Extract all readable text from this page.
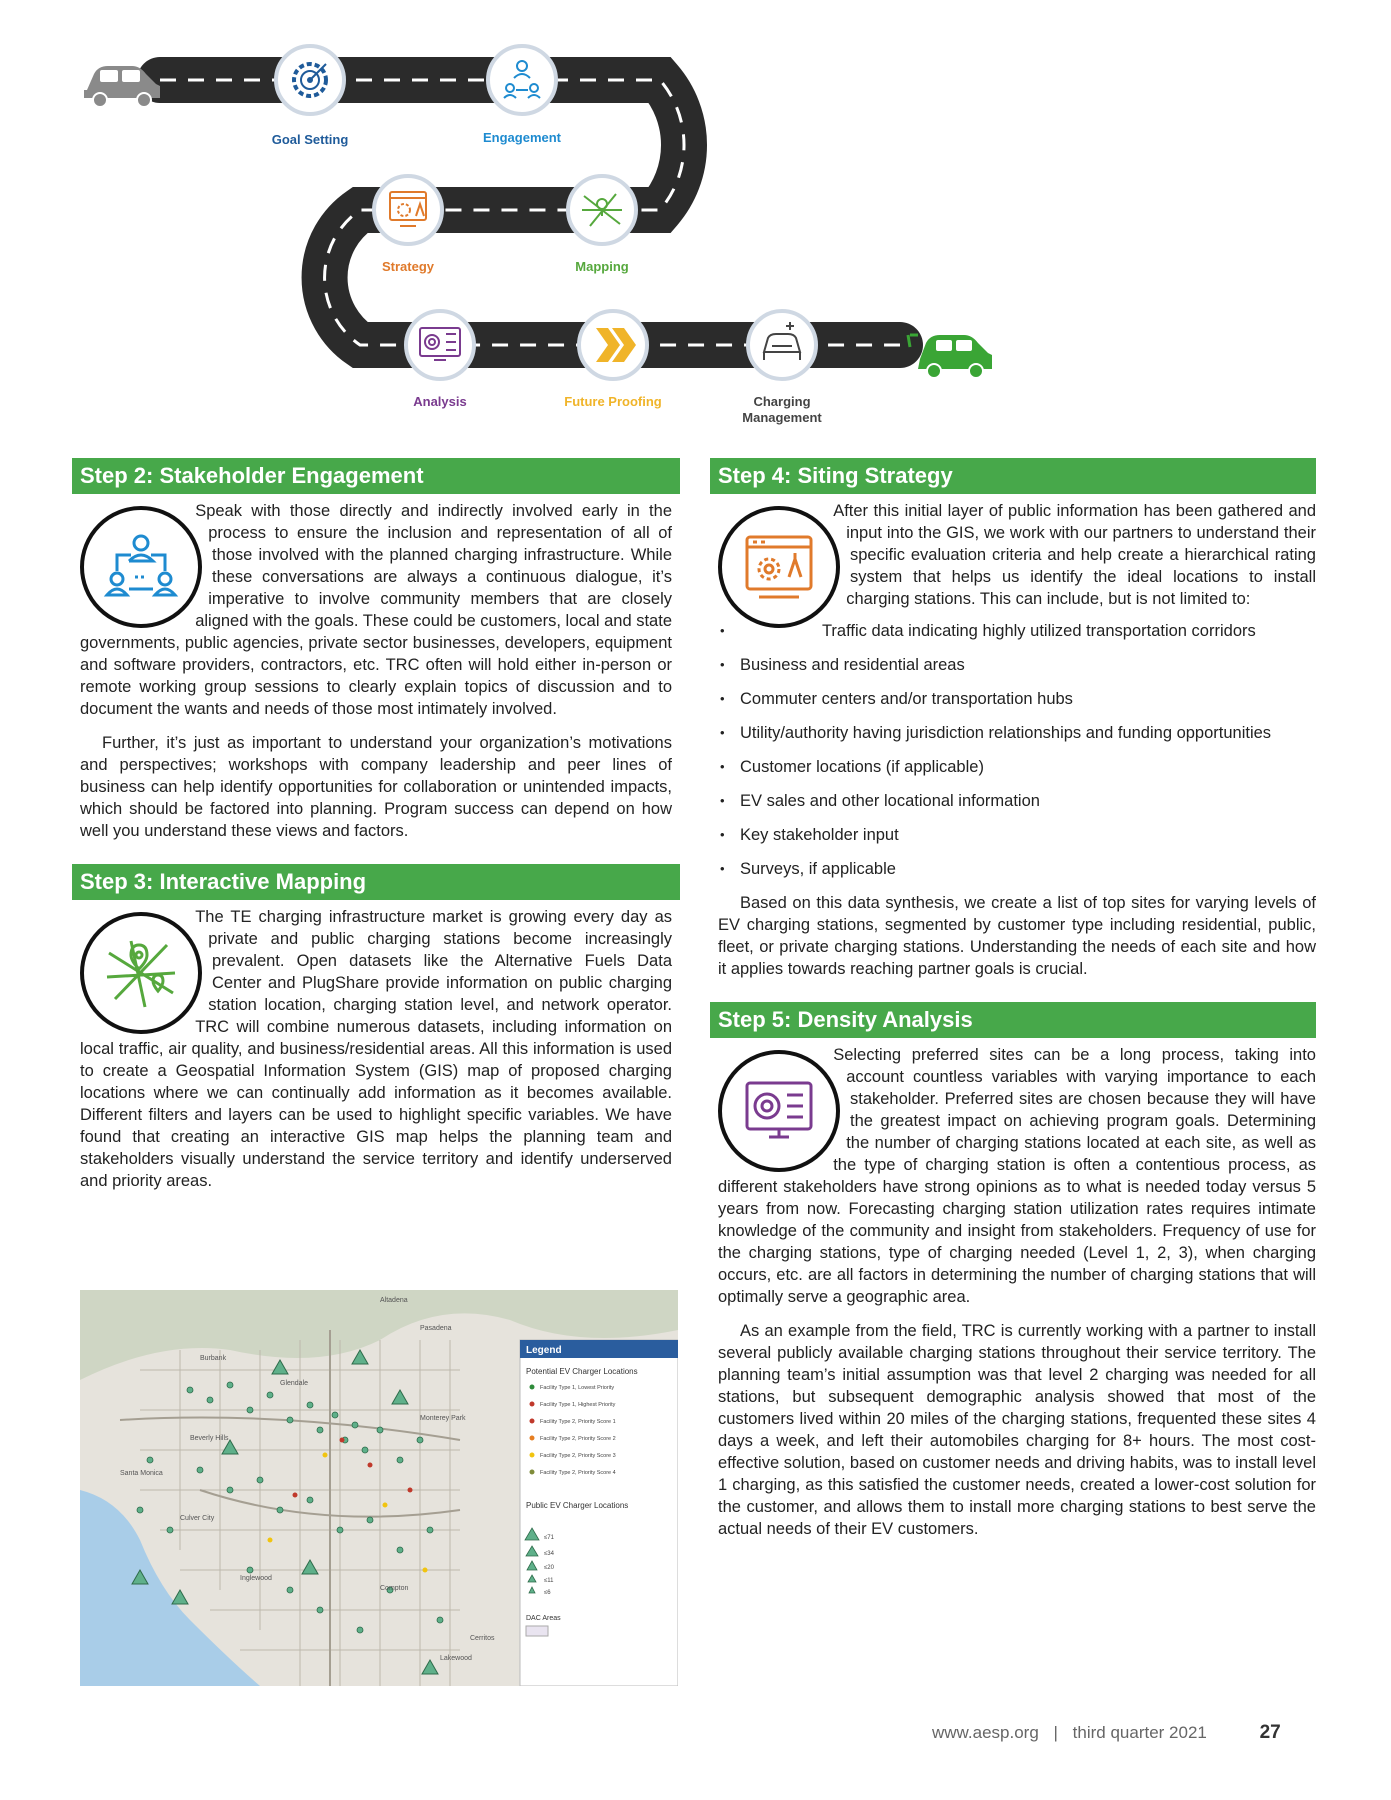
Goal Setting	Engagement
Strategy	Mapping
Analysis	Future Proofing	Charging
Management
Step 2: Stakeholder Engagement

Speak with those directly and indirectly involved early in the process to ensure the inclusion and representation of all of those involved with the planned charging infrastructure. While these conversations are always a continuous dialogue, it’s imperative to involve community members that are closely aligned with the goals. These could be customers, local and state governments, public agencies, private sector businesses, developers, equipment and software providers, contractors, etc. TRC often will hold either in-person or remote working group sessions to clearly explain topics of discussion and to document the wants and needs of those most intimately involved.

Further, it’s just as important to understand your organization’s motivations and perspectives; workshops with company leadership and peer lines of business can help identify opportunities for collaboration or unintended impacts, which should be factored into planning. Program success can depend on how well you understand these views and factors.

Step 3: Interactive Mapping

The TE charging infrastructure market is growing every day as private and public charging stations become increasingly prevalent. Open datasets like the Alternative Fuels Data Center and PlugShare provide information on public charging station location, charging station level, and network operator. TRC will combine numerous datasets, including information on local traffic, air quality, and business/residential areas. All this information is used to create a Geospatial Information System (GIS) map of proposed charging locations where we can continually add information as it becomes available. Different filters and layers can be used to highlight specific variables. We have found that creating an interactive GIS map helps the planning team and stakeholders visually understand the service territory and identify underserved and priority areas.

Altadena
Glendale
Pasadena
Burbank
Monterey Park
Culver City
Inglewood
Compton
Santa Monica
Beverly Hills
Cerritos
Lakewood
Legend
Potential EV Charger Locations
Facility Type 1, Lowest Priority
Facility Type 1, Highest Priority
Facility Type 2, Priority Score 1
Facility Type 2, Priority Score 2
Facility Type 2, Priority Score 3
Facility Type 2, Priority Score 4
Public EV Charger Locations
≤71
≤34
≤20
≤11
≤6
DAC Areas
Step 4: Siting Strategy

After this initial layer of public information has been gathered and input into the GIS, we work with our partners to understand their specific evaluation criteria and help create a hierarchical rating system that helps us identify the ideal locations to install charging stations. This can include, but is not limited to:

• Traffic data indicating highly utilized transportation corridors
• Business and residential areas
• Commuter centers and/or transportation hubs
• Utility/authority having jurisdiction relationships and funding opportunities
• Customer locations (if applicable)
• EV sales and other locational information
• Key stakeholder input
• Surveys, if applicable

Based on this data synthesis, we create a list of top sites for varying levels of EV charging stations, segmented by customer type including residential, public, fleet, or private charging stations. Understanding the needs of each site and how it applies towards reaching partner goals is crucial.

Step 5: Density Analysis

Selecting preferred sites can be a long process, taking into account countless variables with varying importance to each stakeholder. Preferred sites are chosen because they will have the greatest impact on achieving program goals. Determining the number of charging stations located at each site, as well as the type of charging station is often a contentious process, as different stakeholders have strong opinions as to what is needed today versus 5 years from now. Forecasting charging station utilization rates requires intimate knowledge of the community and insight from stakeholders. Frequency of use for the charging stations, type of charging needed (Level 1, 2, 3), when charging occurs, etc. are all factors in determining the number of charging stations that will optimally serve a geographic area.

As an example from the field, TRC is currently working with a partner to install several publicly available charging stations throughout their service territory. The planning team’s initial assumption was that level 2 charging was needed for all stations, but subsequent demographic analysis showed that most of the customers lived within 20 miles of the charging stations, frequented these sites 4 days a week, and left their automobiles charging for 8+ hours. The most cost-effective solution, based on customer needs and driving habits, was to install level 1 charging, as this satisfied the customer needs, created a lower-cost solution for the customer, and allows them to install more charging stations to best serve the actual needs of their EV customers.

www.aesp.org | third quarter 2021	27
